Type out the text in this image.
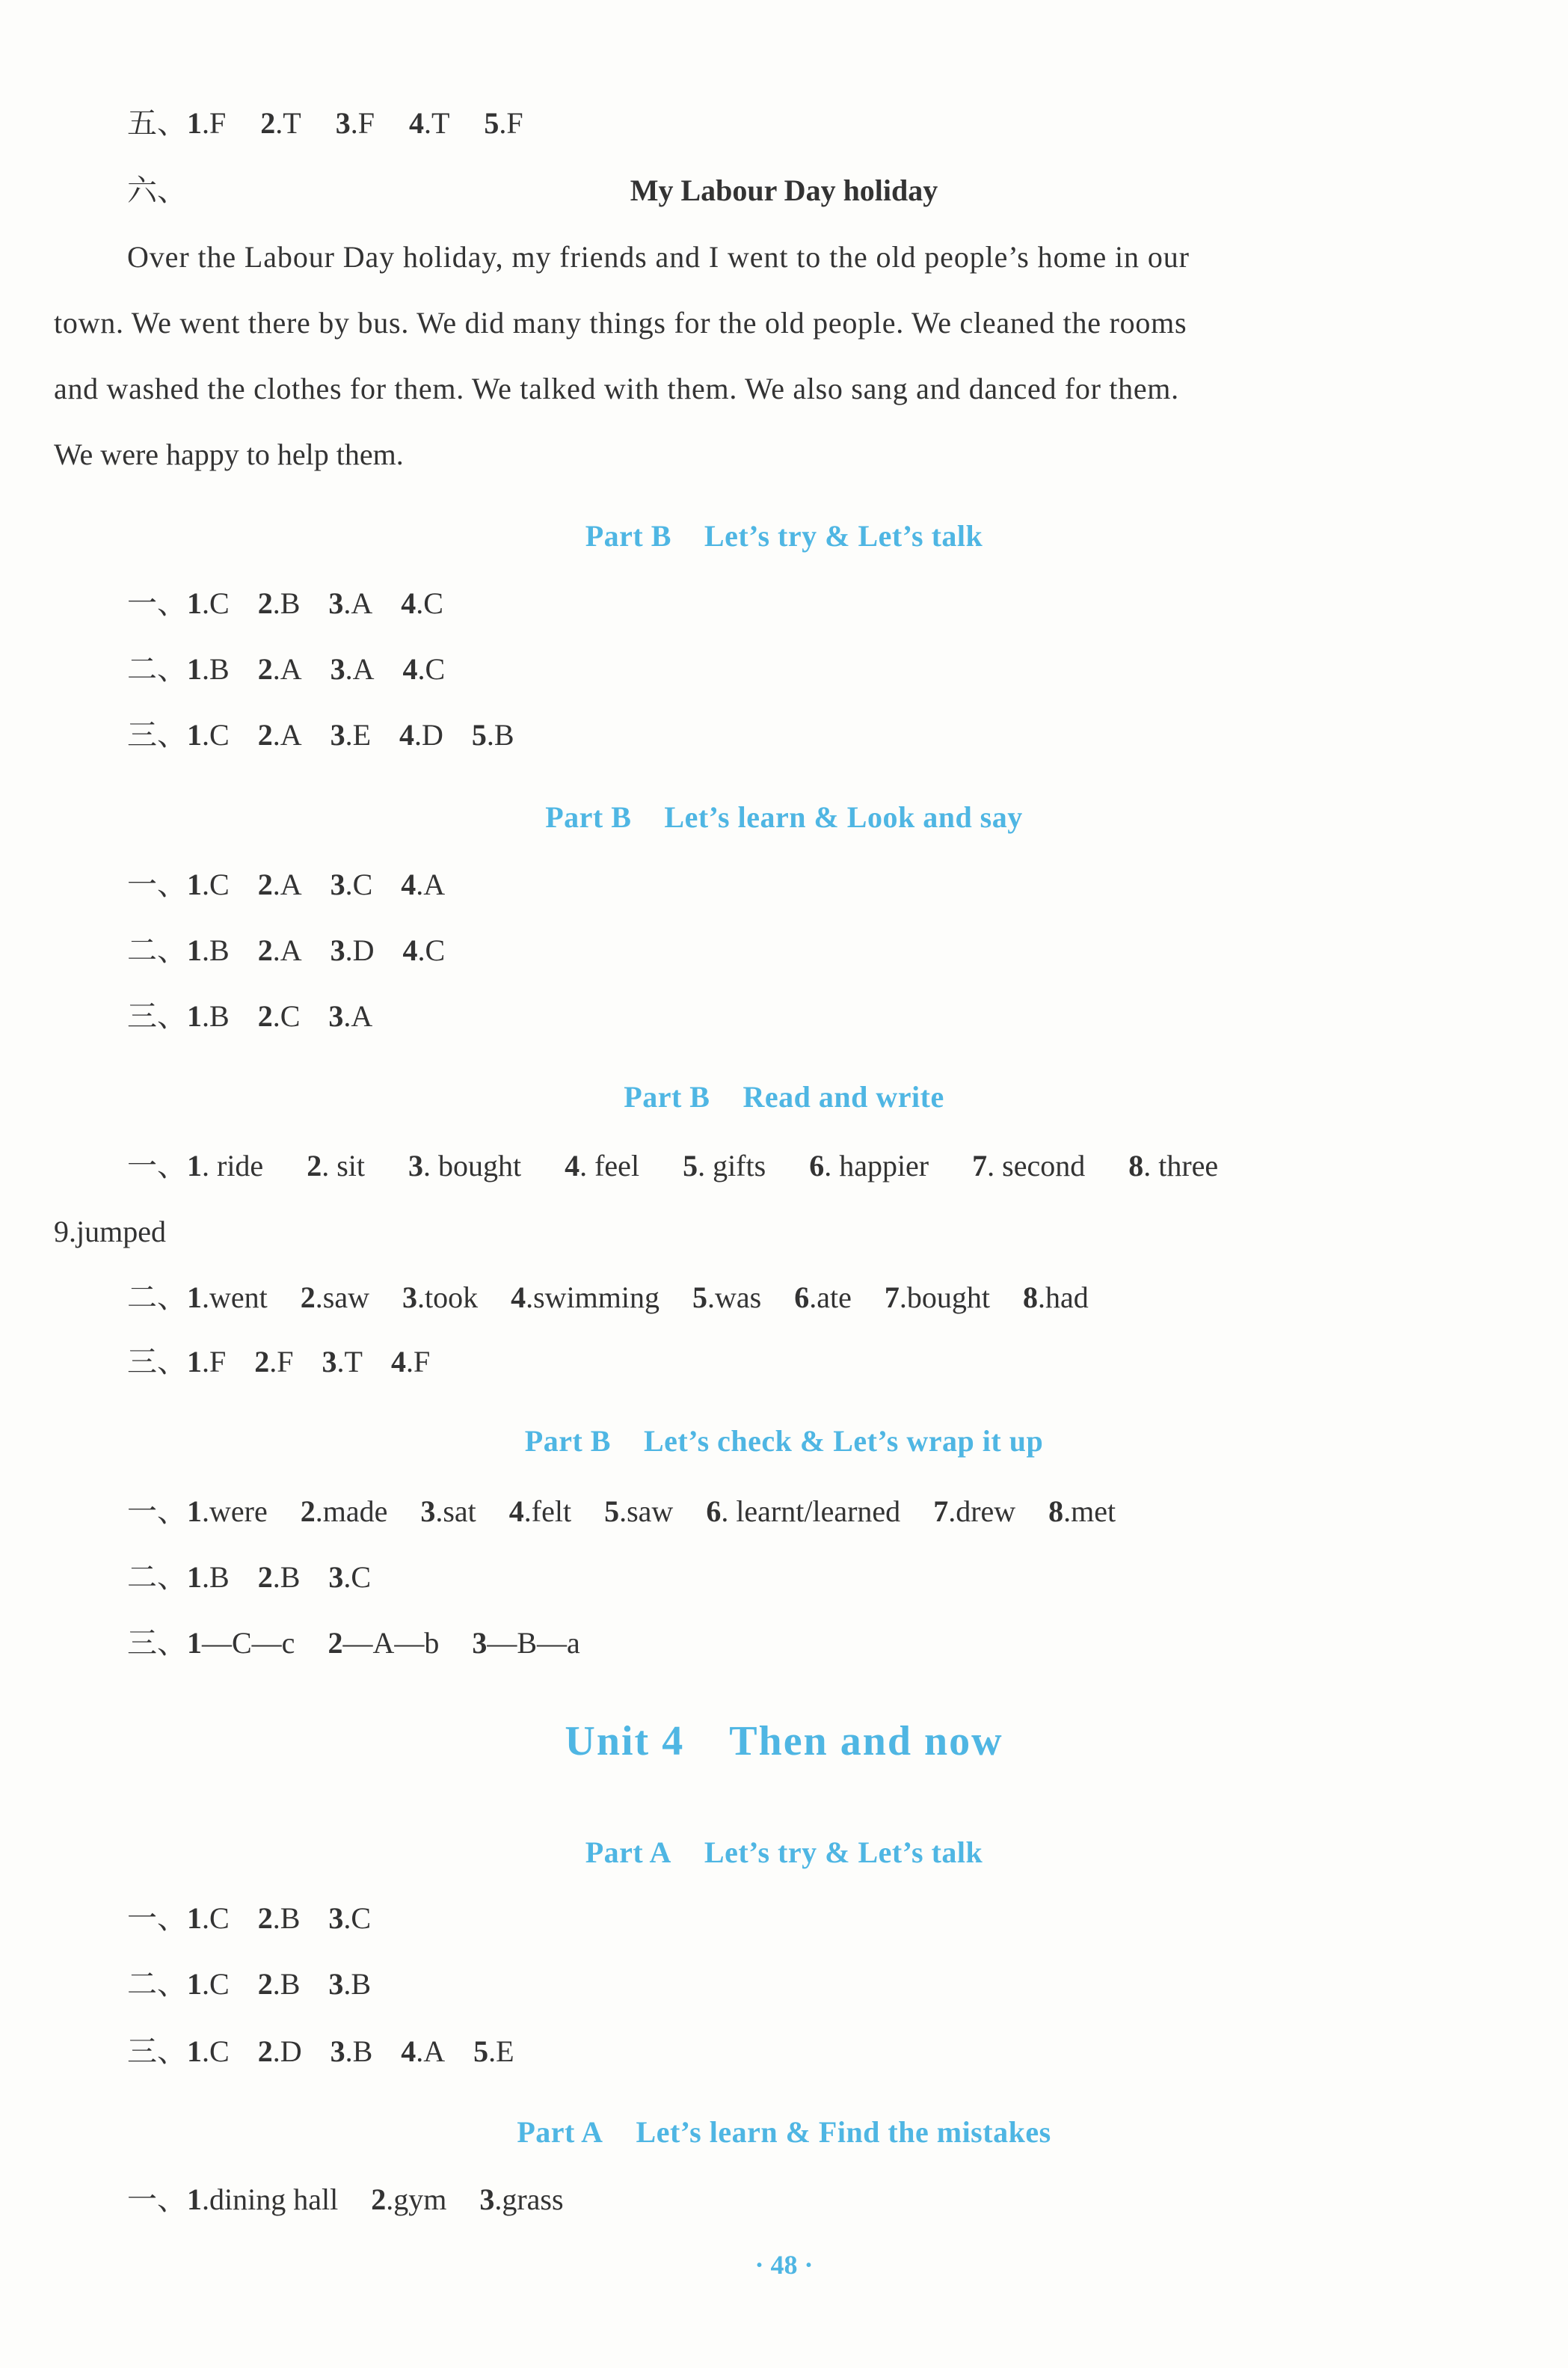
五、1.F 2.T 3.F 4.T 5.F
六、	My Labour Day holiday
Over the Labour Day holiday, my friends and I went to the old people’s home in our
town. We went there by bus. We did many things for the old people. We cleaned the rooms
and washed the clothes for them. We talked with them. We also sang and danced for them.
We were happy to help them.
Part B Let’s try & Let’s talk
一、1.C 2.B 3.A 4.C
二、1.B 2.A 3.A 4.C
三、1.C 2.A 3.E 4.D 5.B
Part B Let’s learn & Look and say
一、1.C 2.A 3.C 4.A
二、1.B 2.A 3.D 4.C
三、1.B 2.C 3.A
Part B Read and write
一、1. ride 2. sit 3. bought 4. feel 5. gifts 6. happier 7. second 8. three
9.jumped
二、1.went 2.saw 3.took 4.swimming 5.was 6.ate 7.bought 8.had
三、1.F 2.F 3.T 4.F
Part B Let’s check & Let’s wrap it up
一、1.were 2.made 3.sat 4.felt 5.saw 6. learnt/learned 7.drew 8.met
二、1.B 2.B 3.C
三、1—C—c 2—A—b 3—B—a
Unit 4 Then and now
Part A Let’s try & Let’s talk
一、1.C 2.B 3.C
二、1.C 2.B 3.B
三、1.C 2.D 3.B 4.A 5.E
Part A Let’s learn & Find the mistakes
一、1.dining hall 2.gym 3.grass
· 48 ·
